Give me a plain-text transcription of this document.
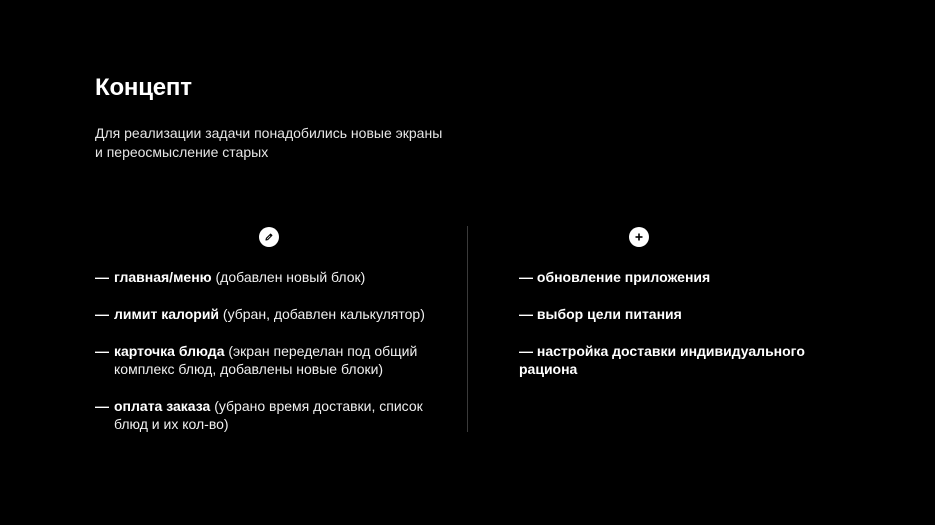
Концепт
Для реализации задачи понадобились новые экраны
и переосмысление старых
— главная/меню (добавлен новый блок)
— лимит калорий (убран, добавлен калькулятор)
— карточка блюда (экран переделан под общий комплекс блюд, добавлены новые блоки)
— оплата заказа (убрано время доставки, список блюд и их кол-во)
— обновление приложения
— выбор цели питания
— настройка доставки индивидуального рациона
